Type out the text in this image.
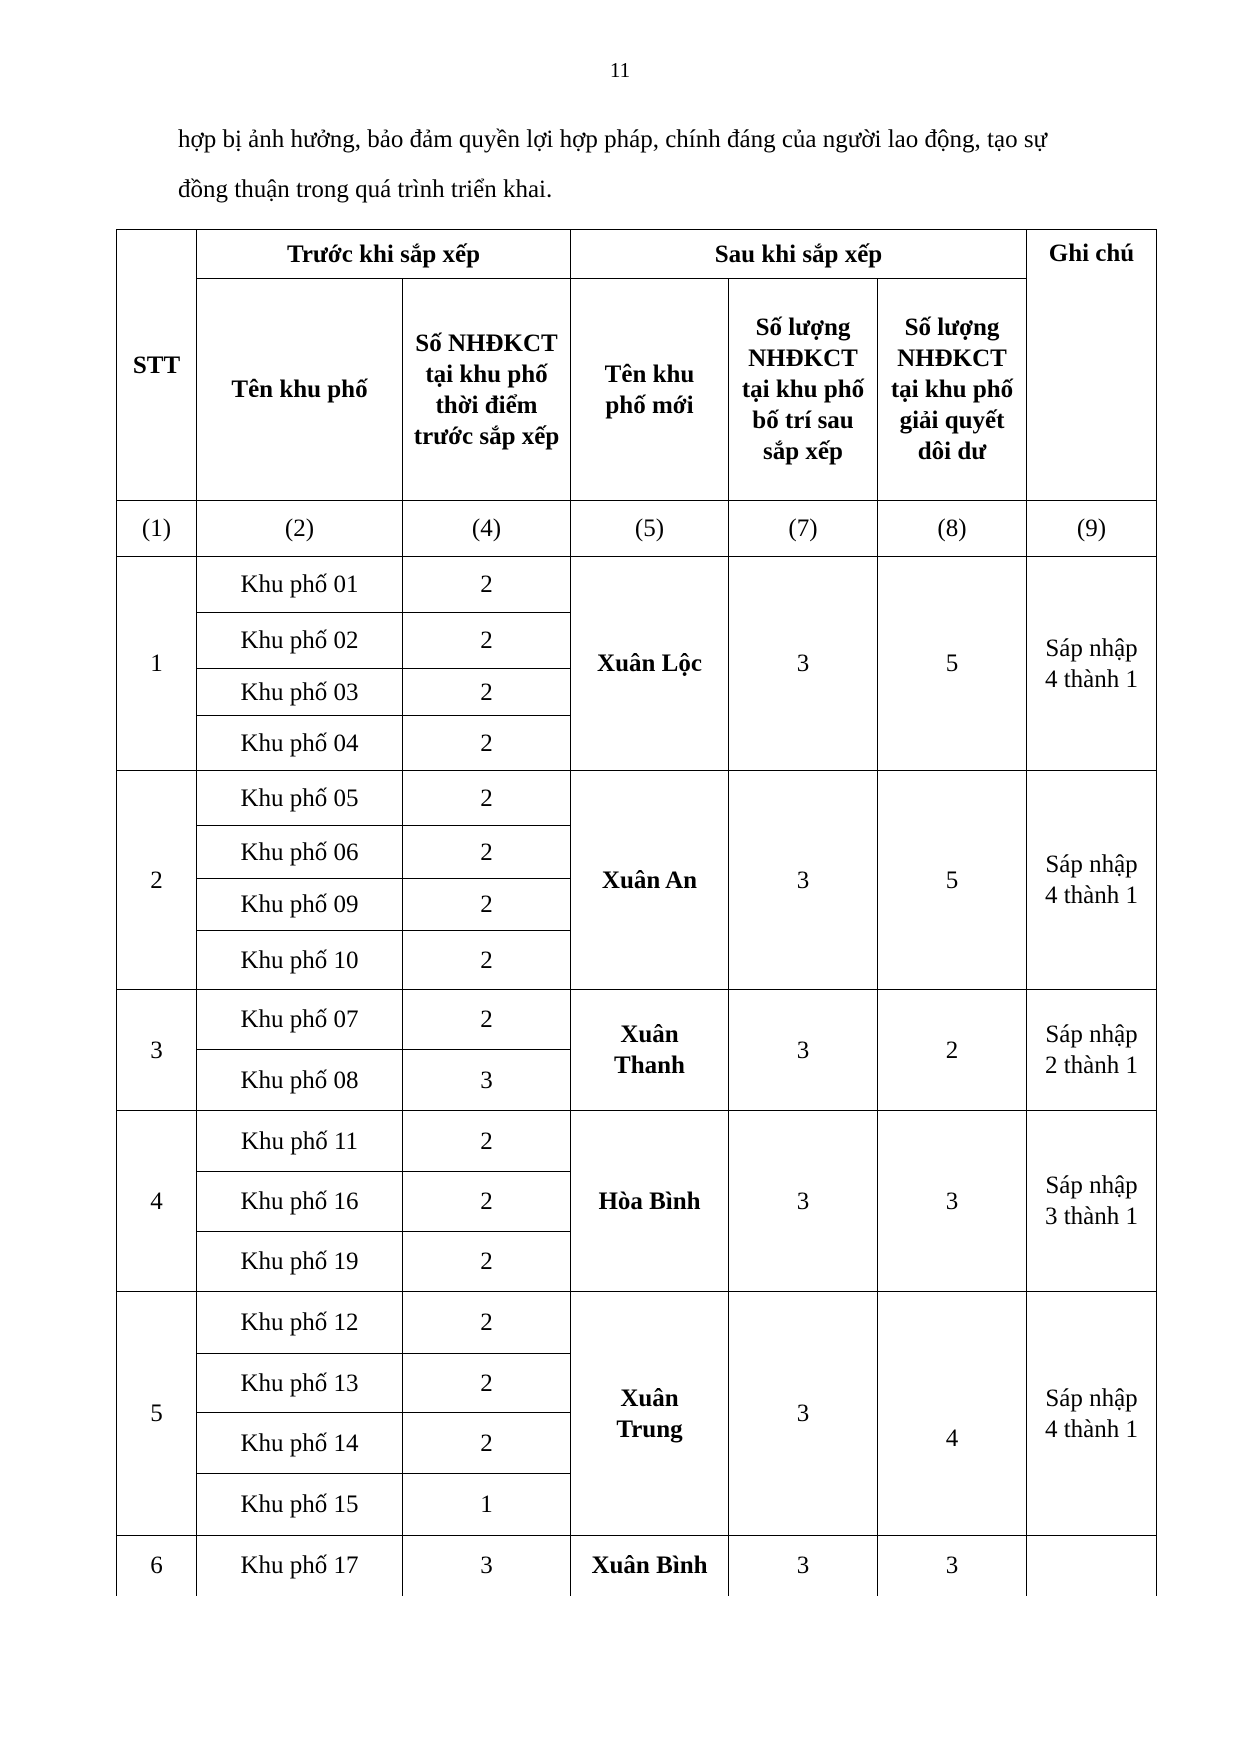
11
hợp bị ảnh hưởng, bảo đảm quyền lợi hợp pháp, chính đáng của người lao động, tạo sự
đồng thuận trong quá trình triển khai.
STT	Trước khi sắp xếp		Sau khi sắp xếp			Ghi chú
	Tên khu phố	Số NHĐKCT tại khu phố thời điểm trước sắp xếp	Tên khu phố mới	Số lượng NHĐKCT tại khu phố bố trí sau sắp xếp	Số lượng NHĐKCT tại khu phố giải quyết dôi dư	
(1)	(2)	(4)	(5)	(7)	(8)	(9)
1	Khu phố 01	2	Xuân Lộc	3	5	Sáp nhập 4 thành 1
	Khu phố 02	2				
	Khu phố 03	2				
	Khu phố 04	2				
2	Khu phố 05	2	Xuân An	3	5	Sáp nhập 4 thành 1
	Khu phố 06	2				
	Khu phố 09	2				
	Khu phố 10	2				
3	Khu phố 07	2	Xuân Thanh	3	2	Sáp nhập 2 thành 1
	Khu phố 08	3				
4	Khu phố 11	2	Hòa Bình	3	3	Sáp nhập 3 thành 1
	Khu phố 16	2				
	Khu phố 19	2				
5	Khu phố 12	2	Xuân Trung	3	4	Sáp nhập 4 thành 1
	Khu phố 13	2				
	Khu phố 14	2				
	Khu phố 15	1				
6	Khu phố 17	3	Xuân Bình	3	3	
